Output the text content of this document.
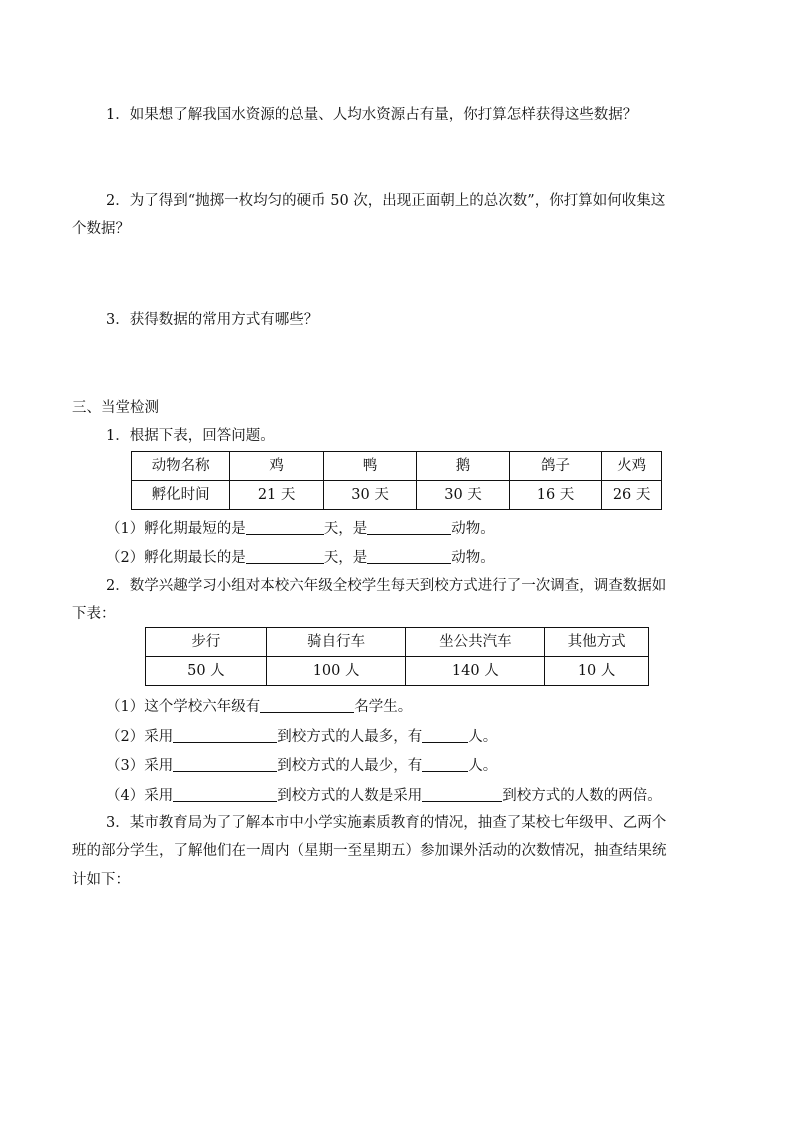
1．如果想了解我国水资源的总量、人均水资源占有量，你打算怎样获得这些数据？
2．为了得到“抛掷一枚均匀的硬币 50 次，出现正面朝上的总次数”，你打算如何收集这
个数据？
3．获得数据的常用方式有哪些？
三、当堂检测
1．根据下表，回答问题。
动物名称	鸡	鸭	鹅	鸽子	火鸡
孵化时间	21 天	30 天	30 天	16 天	26 天
（1）孵化期最短的是	天，是	动物。
（2）孵化期最长的是	天，是	动物。
2．数学兴趣学习小组对本校六年级全校学生每天到校方式进行了一次调查，调查数据如
下表：
步行	骑自行车	坐公共汽车	其他方式
50 人	100 人	140 人	10 人
（1）这个学校六年级有	名学生。
（2）采用	到校方式的人最多，有	人。
（3）采用	到校方式的人最少，有	人。
（4）采用	到校方式的人数是采用	到校方式的人数的两倍。
3．某市教育局为了了解本市中小学实施素质教育的情况，抽查了某校七年级甲、乙两个
班的部分学生，了解他们在一周内（星期一至星期五）参加课外活动的次数情况，抽查结果统
计如下：
